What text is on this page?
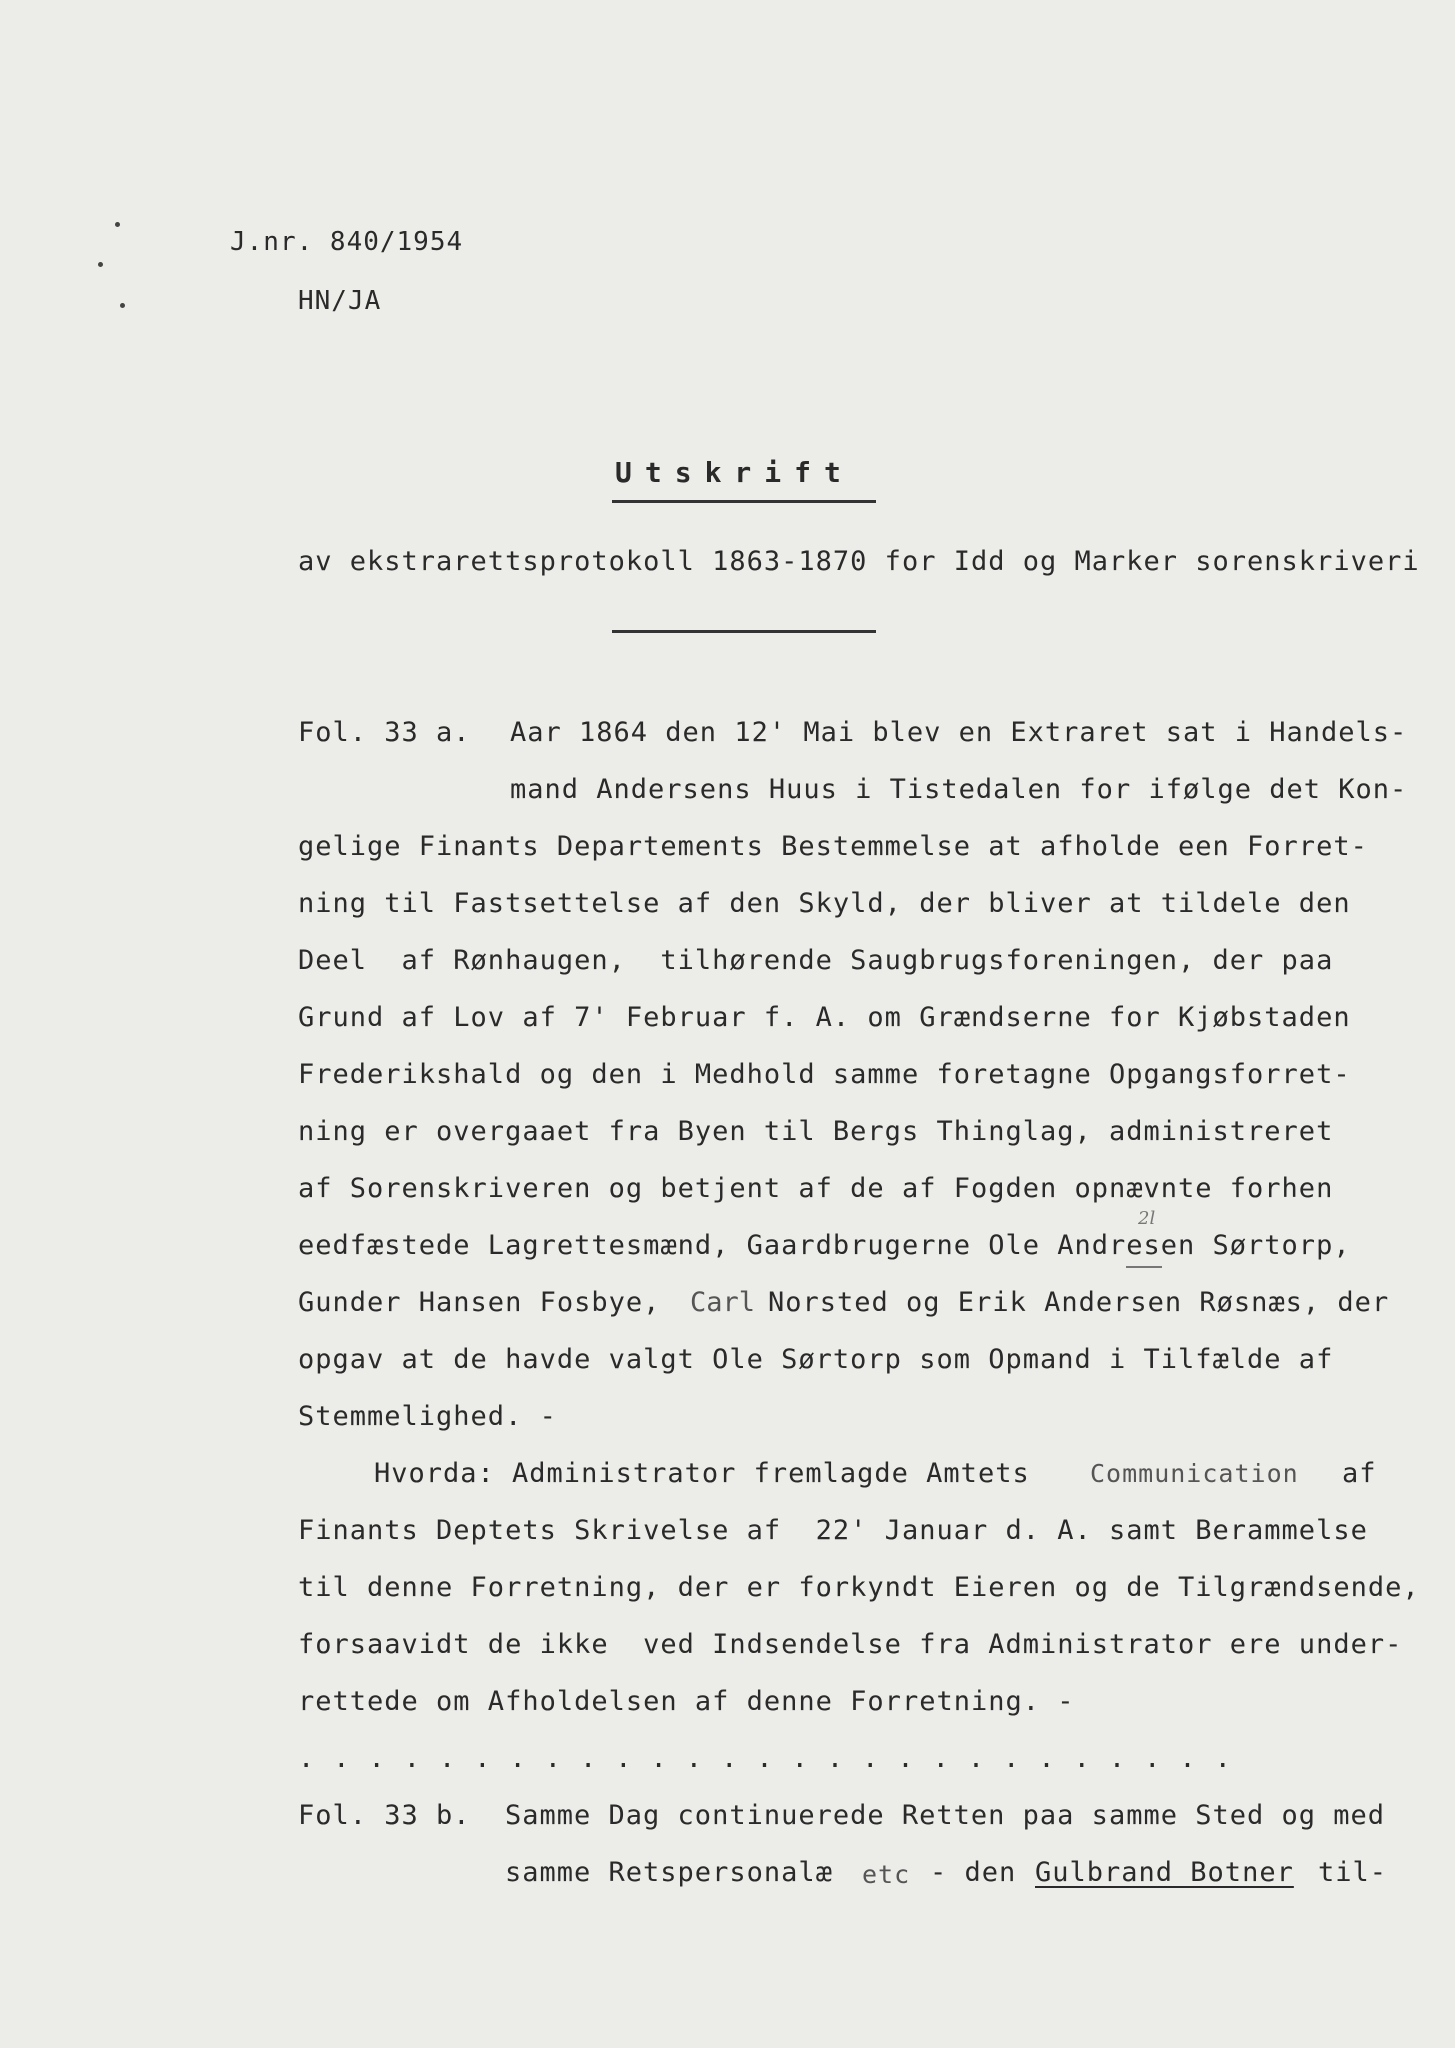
J.nr. 840/1954
HN/JA
Utskrift
av ekstrarettsprotokoll 1863-1870 for Idd og Marker sorenskriveri
Fol. 33 a. Aar 1864 den 12' Mai blev en Extraret sat i Handels-
mand Andersens Huus i Tistedalen for ifølge det Kon-
gelige Finants Departements Bestemmelse at afholde een Forret-
ning til Fastsettelse af den Skyld, der bliver at tildele den
Deel  af Rønhaugen,  tilhørende Saugbrugsforeningen, der paa
Grund af Lov af 7' Februar f. A. om Grændserne for Kjøbstaden
Frederikshald og den i Medhold samme foretagne Opgangsforret-
ning er overgaaet fra Byen til Bergs Thinglag, administreret
af Sorenskriveren og betjent af de af Fogden opnævnte forhen
eedfæstede Lagrettesmænd, Gaardbrugerne Ole Andresen Sørtorp,
2l
Gunder Hansen Fosbye, Carl Norsted og Erik Andersen Røsnæs, der
opgav at de havde valgt Ole Sørtorp som Opmand i Tilfælde af
Stemmelighed. -
Hvorda: Administrator fremlagde Amtets Communication af
Finants Deptets Skrivelse af  22' Januar d. A. samt Berammelse
til denne Forretning, der er forkyndt Eieren og de Tilgrændsende,
forsaavidt de ikke  ved Indsendelse fra Administrator ere under-
rettede om Afholdelsen af denne Forretning. -
...........................
Fol. 33 b. Samme Dag continuerede Retten paa samme Sted og med
samme Retspersonalæ etc - den Gulbrand Botner til-
